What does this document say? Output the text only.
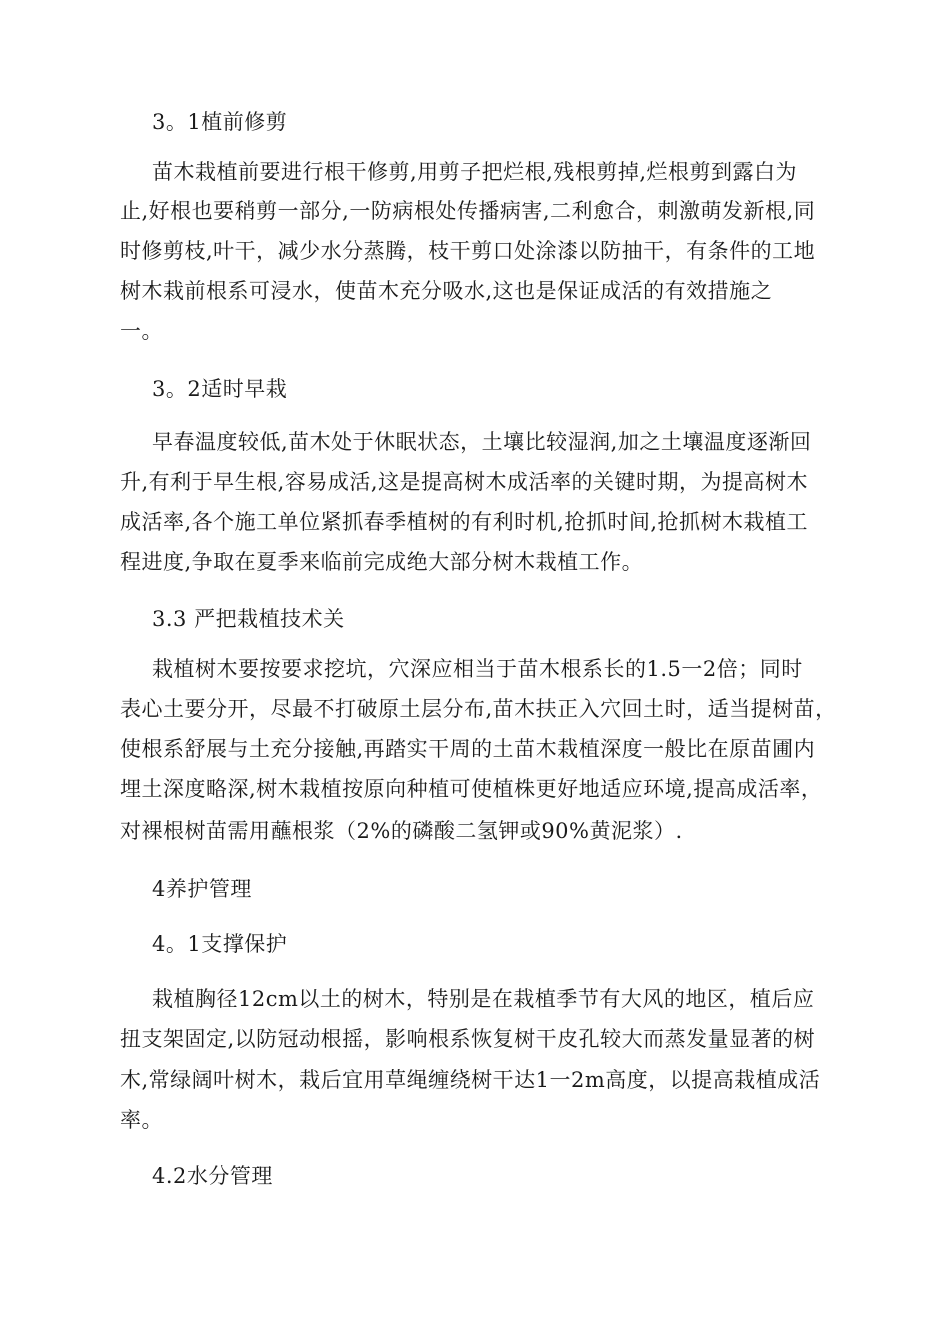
3。1植前修剪
苗木栽植前要进行根干修剪,用剪子把烂根,残根剪掉,烂根剪到露白为
止,好根也要稍剪一部分,一防病根处传播病害,二利愈合，刺激萌发新根,同
时修剪枝,叶干，减少水分蒸腾，枝干剪口处涂漆以防抽干，有条件的工地
树木栽前根系可浸水，使苗木充分吸水,这也是保证成活的有效措施之
一。
3。2适时早栽
早春温度较低,苗木处于休眠状态，土壤比较湿润,加之土壤温度逐渐回
升,有利于早生根,容易成活,这是提高树木成活率的关键时期，为提高树木
成活率,各个施工单位紧抓春季植树的有利时机,抢抓时间,抢抓树木栽植工
程进度,争取在夏季来临前完成绝大部分树木栽植工作。
3.3 严把栽植技术关
栽植树木要按要求挖坑，穴深应相当于苗木根系长的1.5一2倍；同时
表心土要分开，尽最不打破原土层分布,苗木扶正入穴回土时，适当提树苗，
使根系舒展与土充分接触,再踏实干周的土苗木栽植深度一般比在原苗圃内
埋土深度略深,树木栽植按原向种植可使植株更好地适应环境,提高成活率，
对裸根树苗需用蘸根浆（2%的磷酸二氢钾或90%黄泥浆）.
4养护管理
4。1支撑保护
栽植胸径12cm以土的树木，特别是在栽植季节有大风的地区，植后应
扭支架固定,以防冠动根摇，影响根系恢复树干皮孔较大而蒸发量显著的树
木,常绿阔叶树木，栽后宜用草绳缠绕树干达1一2m高度，以提高栽植成活
率。
4.2水分管理
